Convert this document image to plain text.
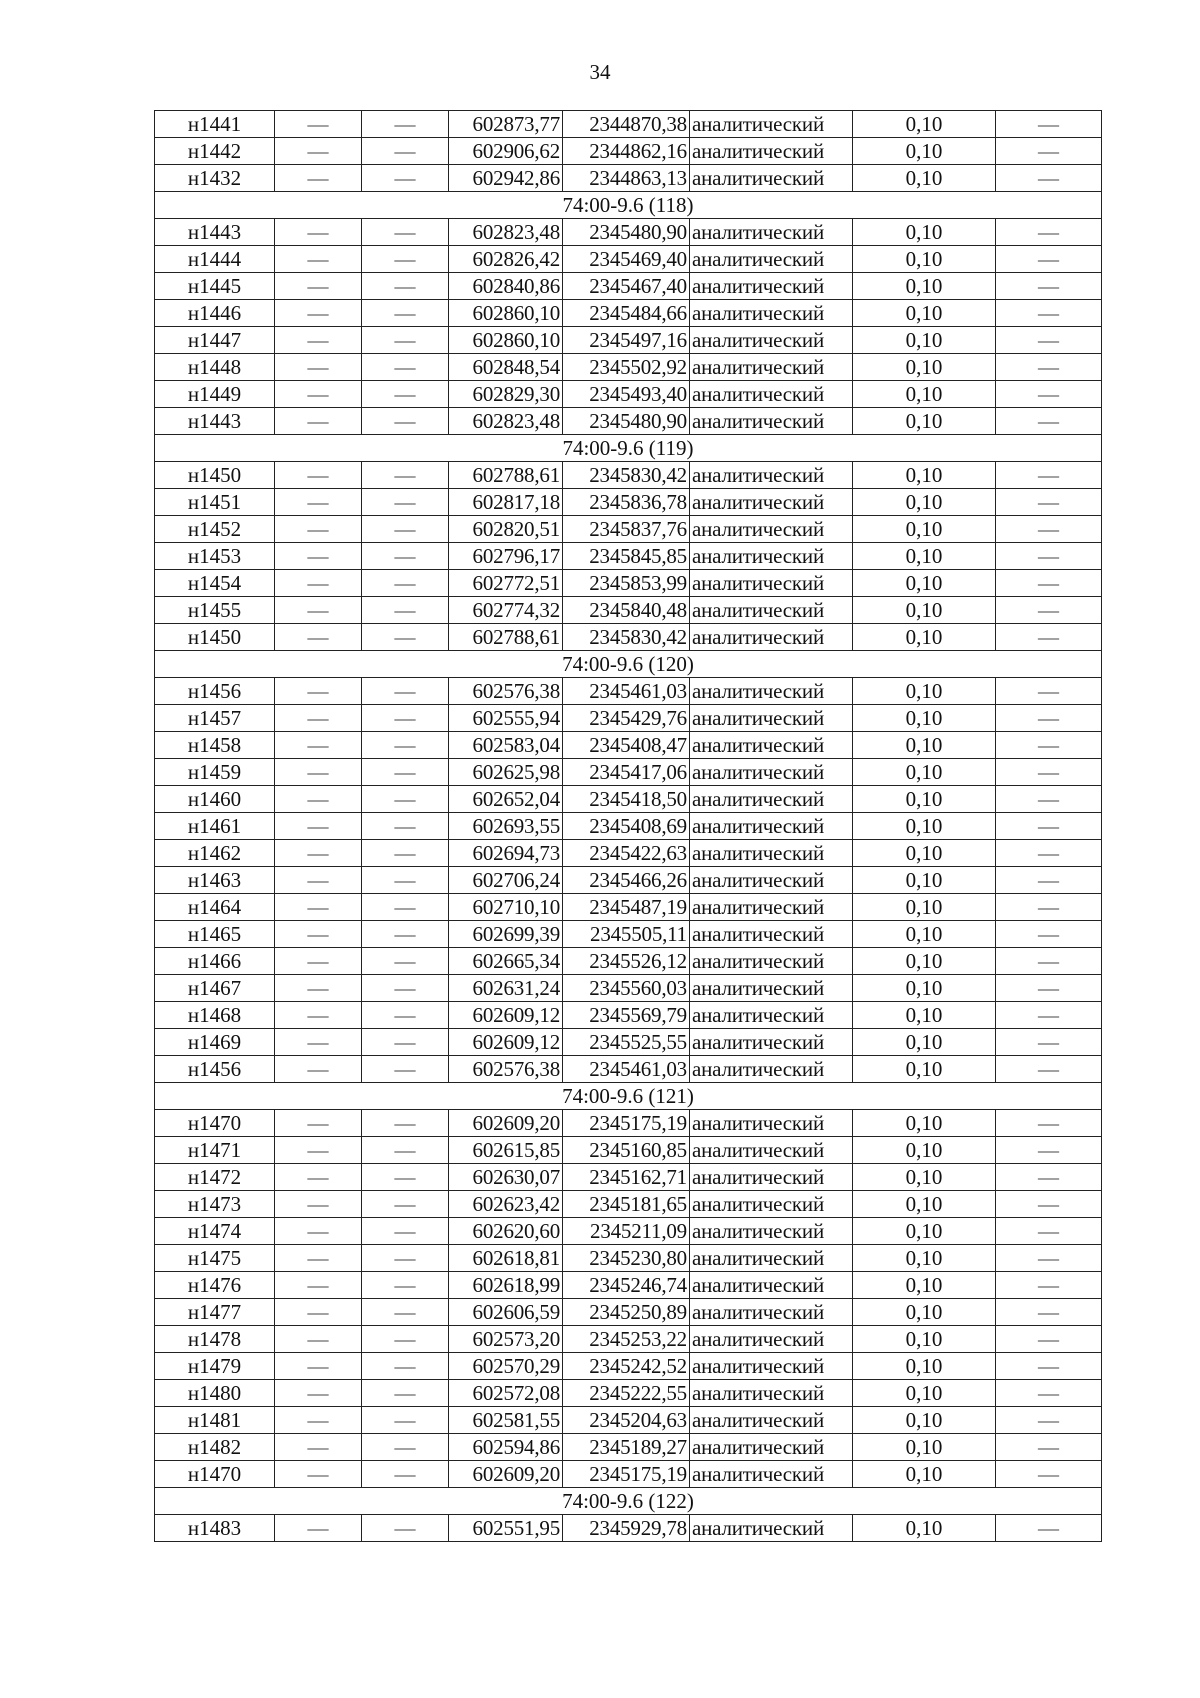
34
н1441	—	—	602873,77	2344870,38	аналитический	0,10	—
н1442	—	—	602906,62	2344862,16	аналитический	0,10	—
н1432	—	—	602942,86	2344863,13	аналитический	0,10	—
74:00-9.6 (118)							
н1443	—	—	602823,48	2345480,90	аналитический	0,10	—
н1444	—	—	602826,42	2345469,40	аналитический	0,10	—
н1445	—	—	602840,86	2345467,40	аналитический	0,10	—
н1446	—	—	602860,10	2345484,66	аналитический	0,10	—
н1447	—	—	602860,10	2345497,16	аналитический	0,10	—
н1448	—	—	602848,54	2345502,92	аналитический	0,10	—
н1449	—	—	602829,30	2345493,40	аналитический	0,10	—
н1443	—	—	602823,48	2345480,90	аналитический	0,10	—
74:00-9.6 (119)							
н1450	—	—	602788,61	2345830,42	аналитический	0,10	—
н1451	—	—	602817,18	2345836,78	аналитический	0,10	—
н1452	—	—	602820,51	2345837,76	аналитический	0,10	—
н1453	—	—	602796,17	2345845,85	аналитический	0,10	—
н1454	—	—	602772,51	2345853,99	аналитический	0,10	—
н1455	—	—	602774,32	2345840,48	аналитический	0,10	—
н1450	—	—	602788,61	2345830,42	аналитический	0,10	—
74:00-9.6 (120)							
н1456	—	—	602576,38	2345461,03	аналитический	0,10	—
н1457	—	—	602555,94	2345429,76	аналитический	0,10	—
н1458	—	—	602583,04	2345408,47	аналитический	0,10	—
н1459	—	—	602625,98	2345417,06	аналитический	0,10	—
н1460	—	—	602652,04	2345418,50	аналитический	0,10	—
н1461	—	—	602693,55	2345408,69	аналитический	0,10	—
н1462	—	—	602694,73	2345422,63	аналитический	0,10	—
н1463	—	—	602706,24	2345466,26	аналитический	0,10	—
н1464	—	—	602710,10	2345487,19	аналитический	0,10	—
н1465	—	—	602699,39	2345505,11	аналитический	0,10	—
н1466	—	—	602665,34	2345526,12	аналитический	0,10	—
н1467	—	—	602631,24	2345560,03	аналитический	0,10	—
н1468	—	—	602609,12	2345569,79	аналитический	0,10	—
н1469	—	—	602609,12	2345525,55	аналитический	0,10	—
н1456	—	—	602576,38	2345461,03	аналитический	0,10	—
74:00-9.6 (121)							
н1470	—	—	602609,20	2345175,19	аналитический	0,10	—
н1471	—	—	602615,85	2345160,85	аналитический	0,10	—
н1472	—	—	602630,07	2345162,71	аналитический	0,10	—
н1473	—	—	602623,42	2345181,65	аналитический	0,10	—
н1474	—	—	602620,60	2345211,09	аналитический	0,10	—
н1475	—	—	602618,81	2345230,80	аналитический	0,10	—
н1476	—	—	602618,99	2345246,74	аналитический	0,10	—
н1477	—	—	602606,59	2345250,89	аналитический	0,10	—
н1478	—	—	602573,20	2345253,22	аналитический	0,10	—
н1479	—	—	602570,29	2345242,52	аналитический	0,10	—
н1480	—	—	602572,08	2345222,55	аналитический	0,10	—
н1481	—	—	602581,55	2345204,63	аналитический	0,10	—
н1482	—	—	602594,86	2345189,27	аналитический	0,10	—
н1470	—	—	602609,20	2345175,19	аналитический	0,10	—
74:00-9.6 (122)							
н1483	—	—	602551,95	2345929,78	аналитический	0,10	—
